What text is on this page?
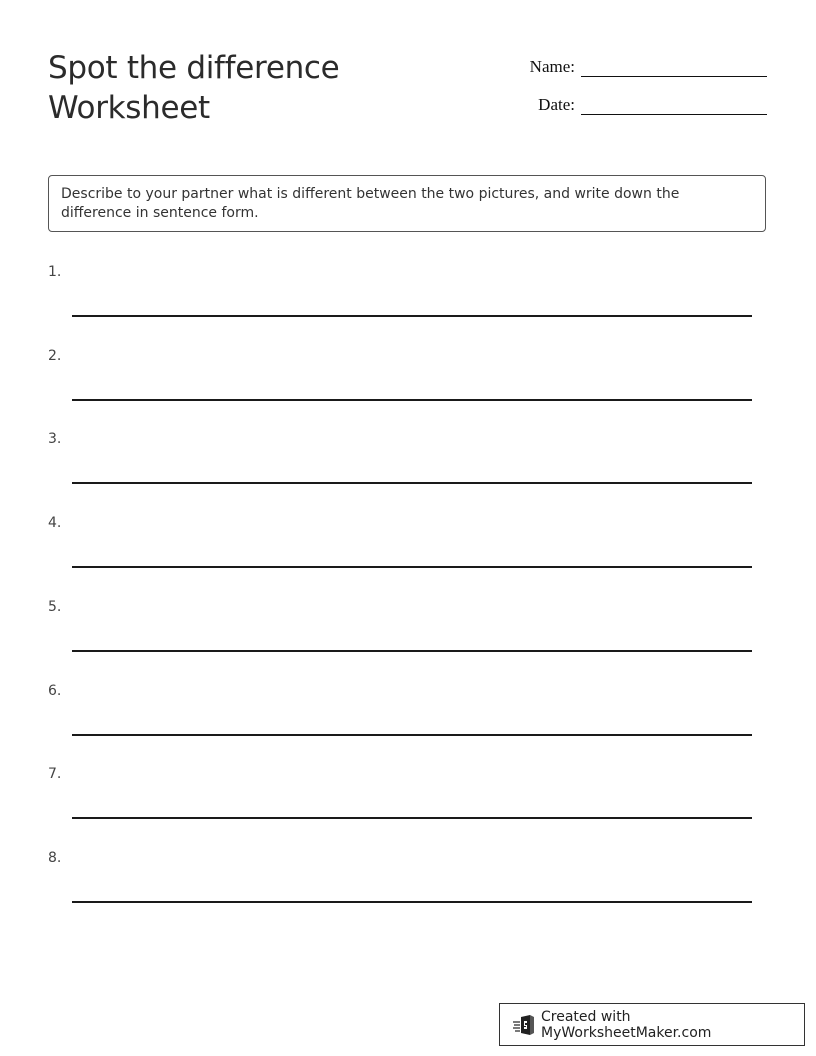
Spot the difference
Worksheet
Name:
Date:
Describe to your partner what is different between the two pictures, and write down the difference in sentence form.
1.
2.
3.
4.
5.
6.
7.
8.
Created with MyWorksheetMaker.com
